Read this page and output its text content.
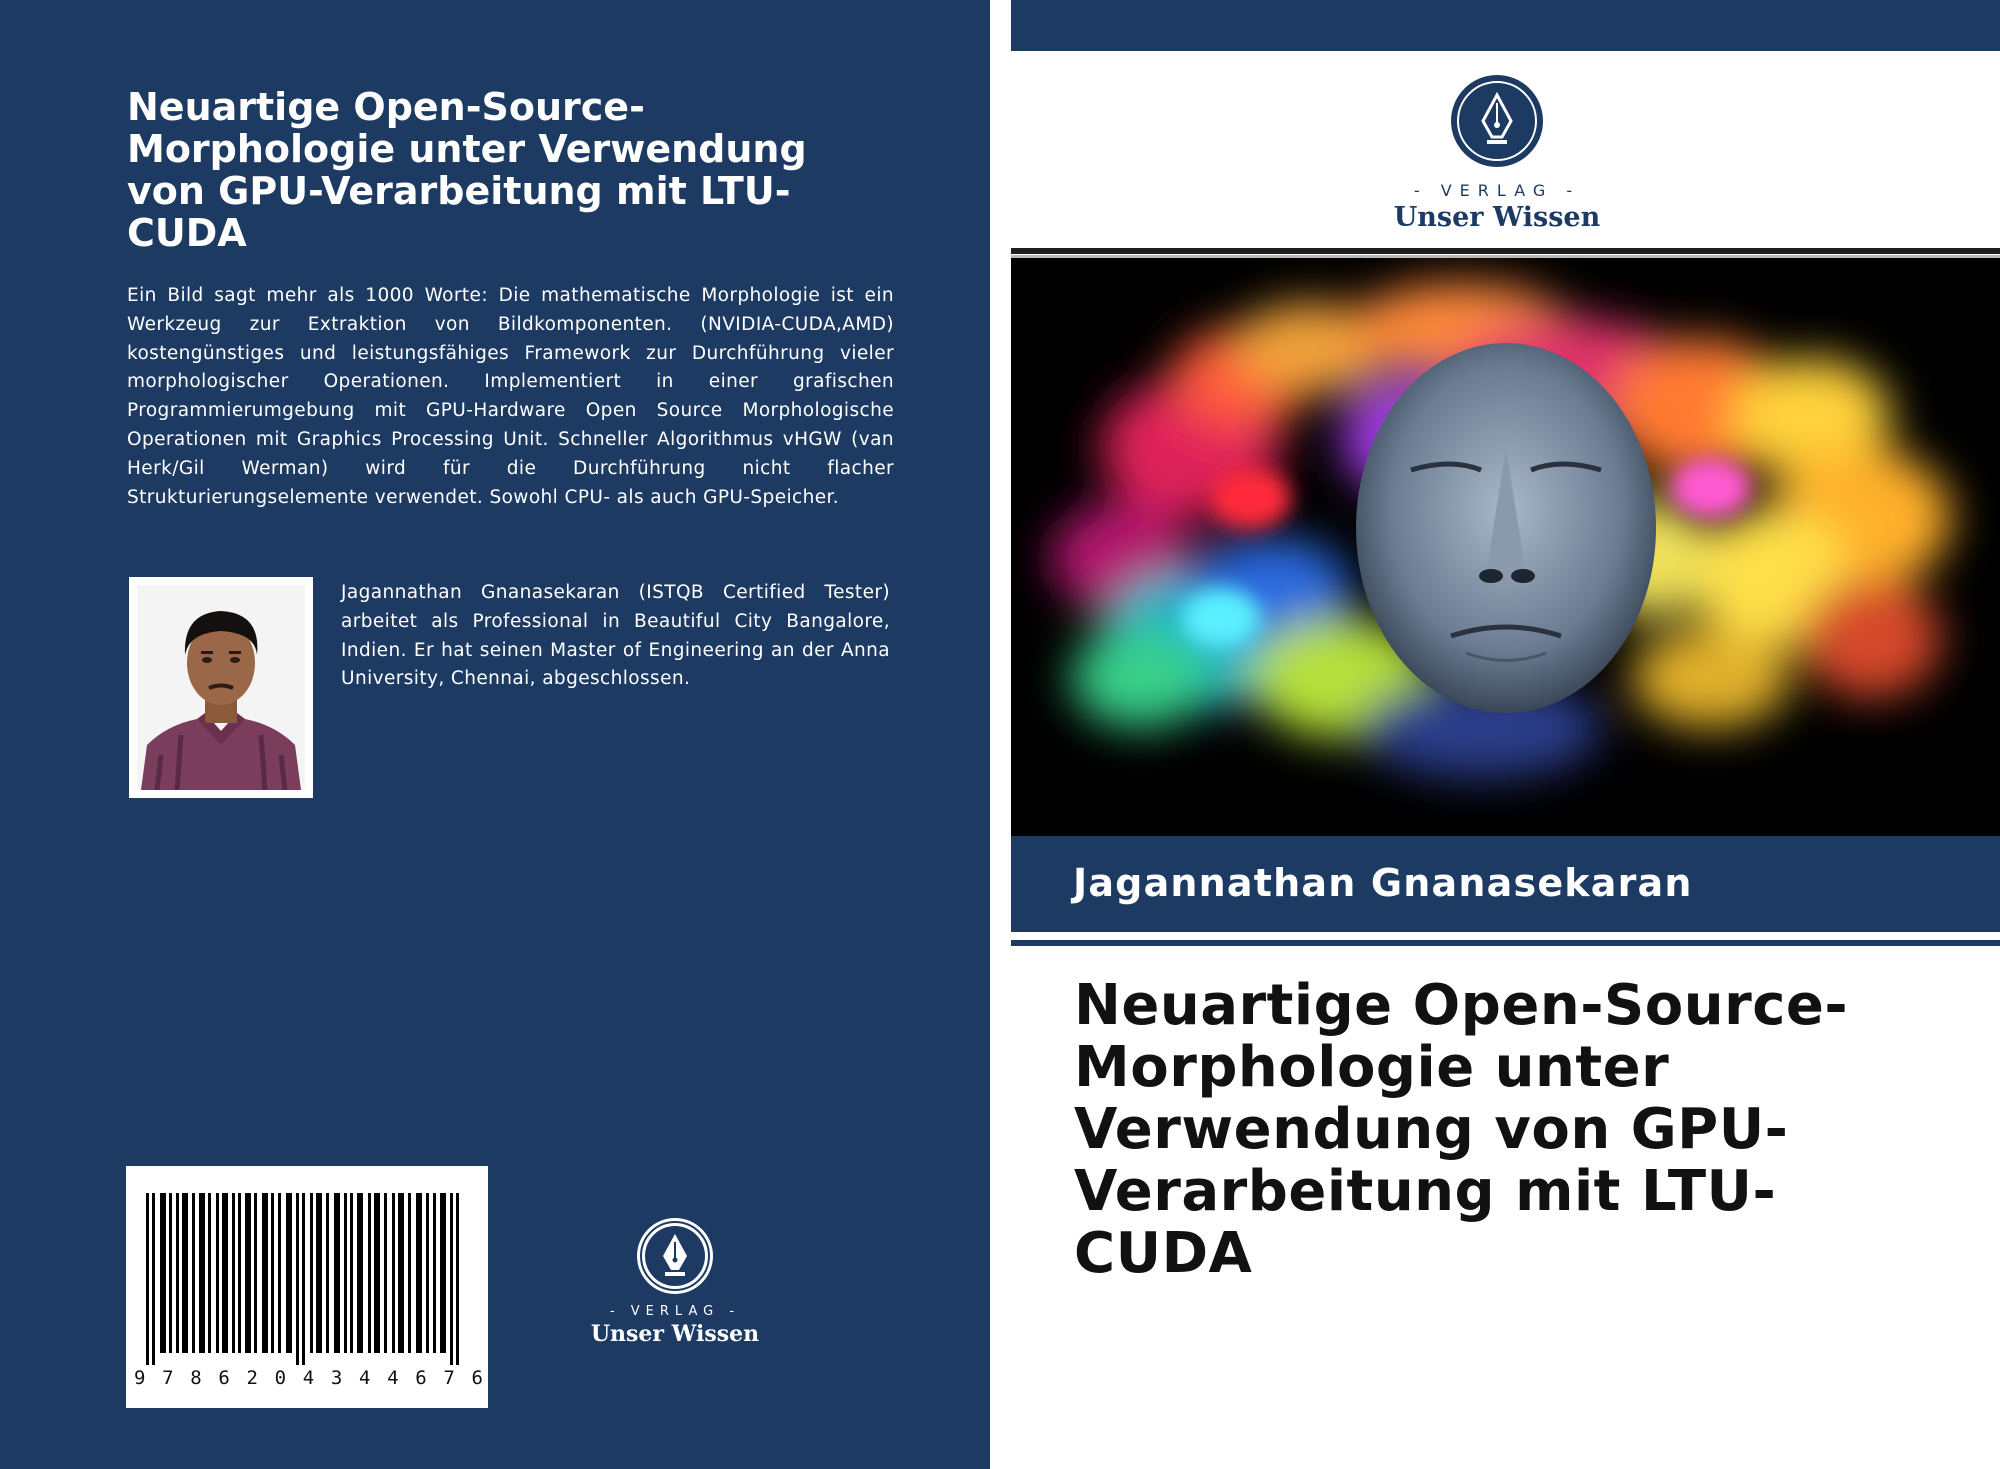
Neuartige Open-Source-Morphologie unter Verwendung von GPU-Verarbeitung mit LTU-CUDA
Ein Bild sagt mehr als 1000 Worte: Die mathematische Morphologie ist ein Werkzeug zur Extraktion von Bildkomponenten. (NVIDIA-CUDA,AMD) kostengünstiges und leistungsfähiges Framework zur Durchführung vieler morphologischer Operationen. Implementiert in einer grafischen Programmierumgebung mit GPU-Hardware Open Source Morphologische Operationen mit Graphics Processing Unit. Schneller Algorithmus vHGW (van Herk/Gil Werman) wird für die Durchführung nicht flacher Strukturierungselemente verwendet. Sowohl CPU- als auch GPU-Speicher.
Jagannathan Gnanasekaran (ISTQB Certified Tester) arbeitet als Professional in Beautiful City Bangalore, Indien. Er hat seinen Master of Engineering an der Anna University, Chennai, abgeschlossen.
9 7 8 6 2 0 4 3 4 4 6 7 6
- VERLAG -
Unser Wissen
- VERLAG -
Unser Wissen
Jagannathan Gnanasekaran
Neuartige Open-Source-Morphologie unter Verwendung von GPU-Verarbeitung mit LTU-CUDA
